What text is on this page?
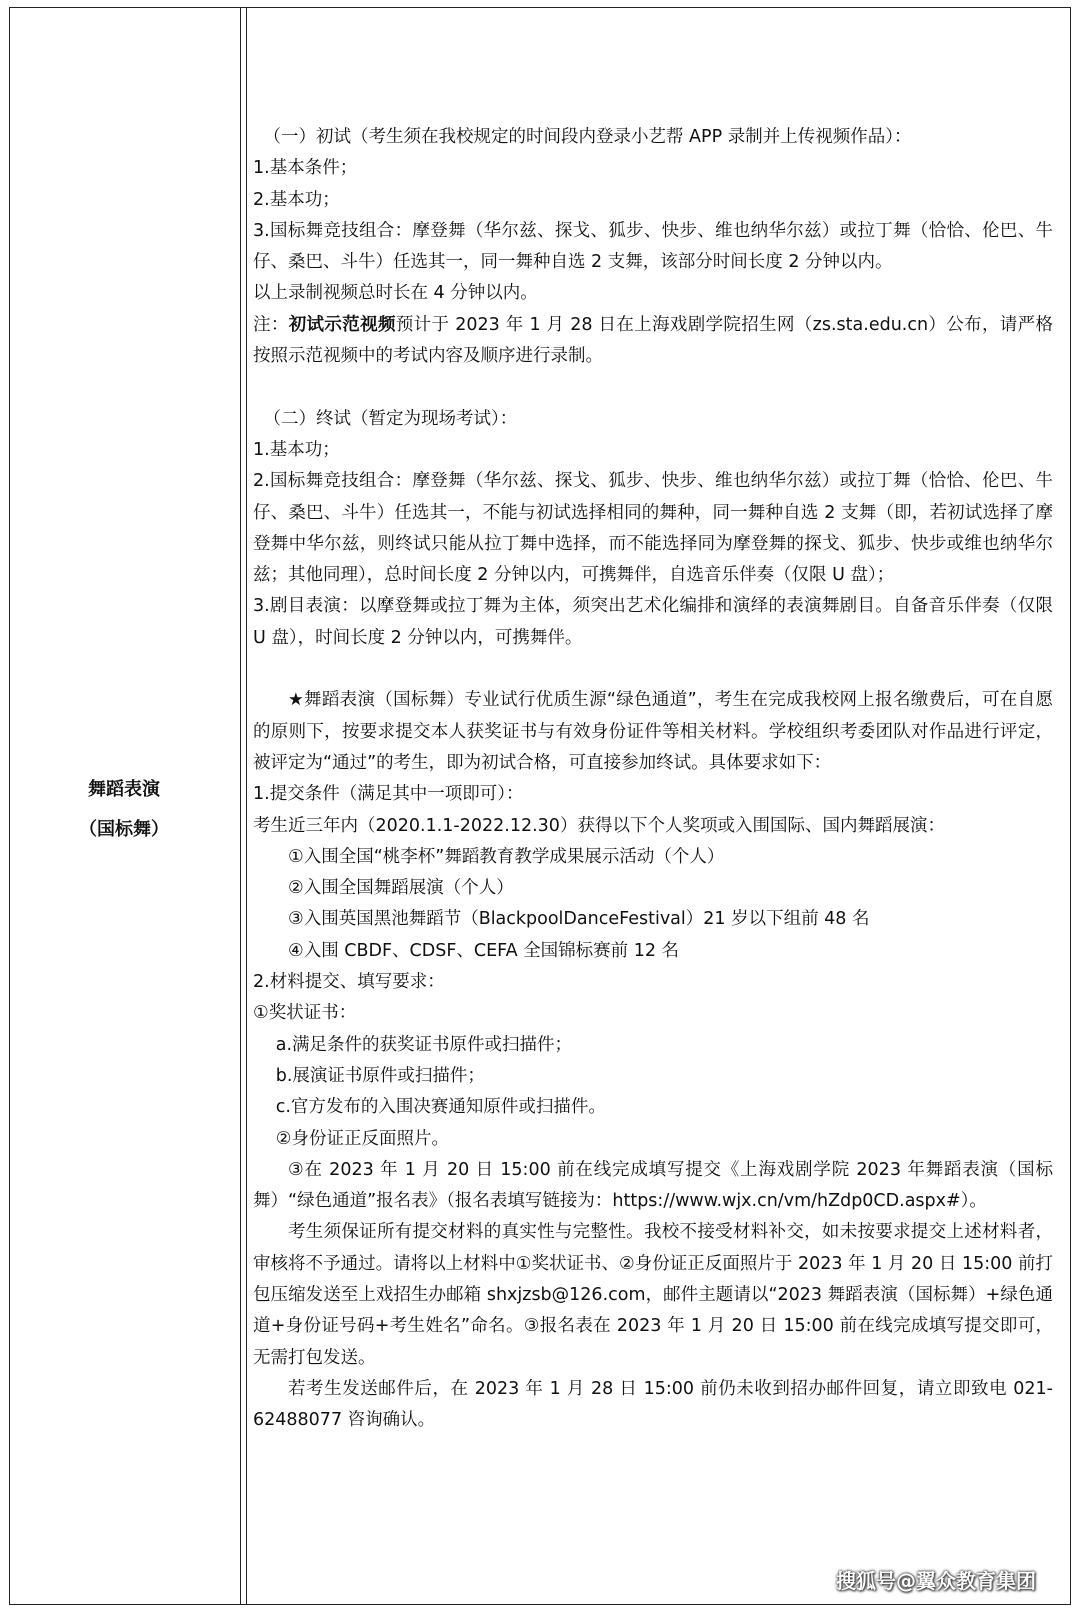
舞蹈表演
（国标舞）

（一）初试（考生须在我校规定的时间段内登录小艺帮 APP 录制并上传视频作品）：

1.基本条件；

2.基本功；

3.国标舞竞技组合：摩登舞（华尔兹、探戈、狐步、快步、维也纳华尔兹）或拉丁舞（恰恰、伦巴、牛仔、桑巴、斗牛）任选其一，同一舞种自选 2 支舞，该部分时间长度 2 分钟以内。

以上录制视频总时长在 4 分钟以内。

注：初试示范视频预计于 2023 年 1 月 28 日在上海戏剧学院招生网（zs.sta.edu.cn）公布，请严格按照示范视频中的考试内容及顺序进行录制。

（二）终试（暂定为现场考试）：

1.基本功；

2.国标舞竞技组合：摩登舞（华尔兹、探戈、狐步、快步、维也纳华尔兹）或拉丁舞（恰恰、伦巴、牛仔、桑巴、斗牛）任选其一，不能与初试选择相同的舞种，同一舞种自选 2 支舞（即，若初试选择了摩登舞中华尔兹，则终试只能从拉丁舞中选择，而不能选择同为摩登舞的探戈、狐步、快步或维也纳华尔兹；其他同理），总时间长度 2 分钟以内，可携舞伴，自选音乐伴奏（仅限 U 盘）；

3.剧目表演：以摩登舞或拉丁舞为主体，须突出艺术化编排和演绎的表演舞剧目。自备音乐伴奏（仅限 U 盘），时间长度 2 分钟以内，可携舞伴。

★舞蹈表演（国标舞）专业试行优质生源“绿色通道”，考生在完成我校网上报名缴费后，可在自愿的原则下，按要求提交本人获奖证书与有效身份证件等相关材料。学校组织考委团队对作品进行评定，被评定为“通过”的考生，即为初试合格，可直接参加终试。具体要求如下：

1.提交条件（满足其中一项即可）：

考生近三年内（2020.1.1-2022.12.30）获得以下个人奖项或入围国际、国内舞蹈展演：

①入围全国“桃李杯”舞蹈教育教学成果展示活动（个人）

②入围全国舞蹈展演（个人）

③入围英国黑池舞蹈节（BlackpoolDanceFestival）21 岁以下组前 48 名

④入围 CBDF、CDSF、CEFA 全国锦标赛前 12 名

2.材料提交、填写要求：

①奖状证书：

a.满足条件的获奖证书原件或扫描件；

b.展演证书原件或扫描件；

c.官方发布的入围决赛通知原件或扫描件。

②身份证正反面照片。

③在 2023 年 1 月 20 日 15:00 前在线完成填写提交《上海戏剧学院 2023 年舞蹈表演（国标舞）“绿色通道”报名表》（报名表填写链接为：https://www.wjx.cn/vm/hZdp0CD.aspx#）。

考生须保证所有提交材料的真实性与完整性。我校不接受材料补交，如未按要求提交上述材料者，审核将不予通过。请将以上材料中①奖状证书、②身份证正反面照片于 2023 年 1 月 20 日 15:00 前打包压缩发送至上戏招生办邮箱 shxjzsb@126.com，邮件主题请以“2023 舞蹈表演（国标舞）+绿色通道+身份证号码+考生姓名”命名。③报名表在 2023 年 1 月 20 日 15:00 前在线完成填写提交即可，无需打包发送。

若考生发送邮件后，在 2023 年 1 月 28 日 15:00 前仍未收到招办邮件回复，请立即致电 021-62488077 咨询确认。

搜狐号@翼众教育集团
